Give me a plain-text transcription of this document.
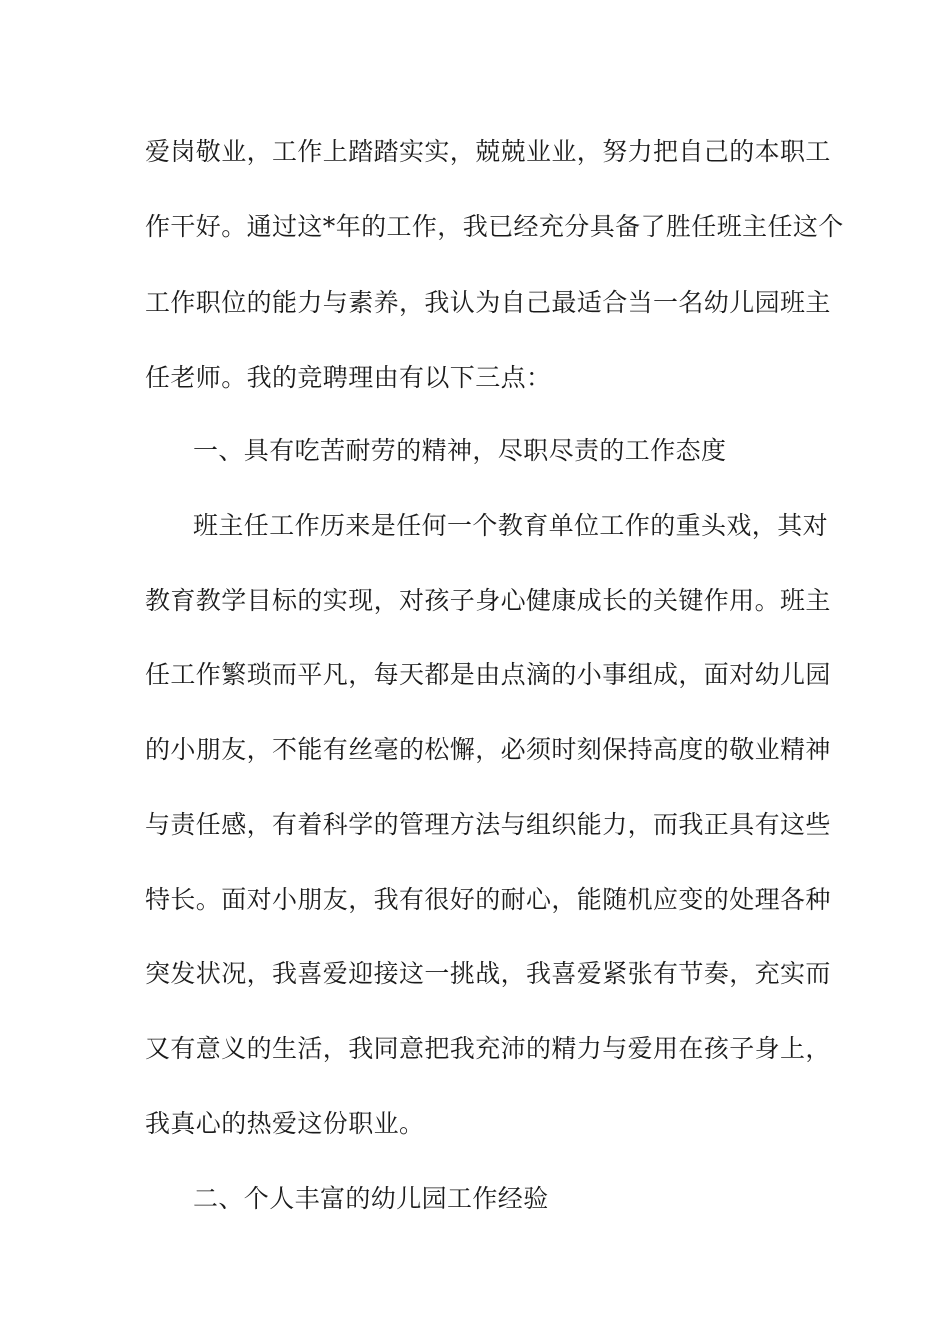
爱岗敬业，工作上踏踏实实，兢兢业业，努力把自己的本职工

作干好。通过这*年的工作，我已经充分具备了胜任班主任这个

工作职位的能力与素养，我认为自己最适合当一名幼儿园班主

任老师。我的竞聘理由有以下三点：

一、具有吃苦耐劳的精神，尽职尽责的工作态度

班主任工作历来是任何一个教育单位工作的重头戏，其对

教育教学目标的实现，对孩子身心健康成长的关键作用。班主

任工作繁琐而平凡，每天都是由点滴的小事组成，面对幼儿园

的小朋友，不能有丝毫的松懈，必须时刻保持高度的敬业精神

与责任感，有着科学的管理方法与组织能力，而我正具有这些

特长。面对小朋友，我有很好的耐心，能随机应变的处理各种

突发状况，我喜爱迎接这一挑战，我喜爱紧张有节奏，充实而

又有意义的生活，我同意把我充沛的精力与爱用在孩子身上，

我真心的热爱这份职业。

二、个人丰富的幼儿园工作经验
